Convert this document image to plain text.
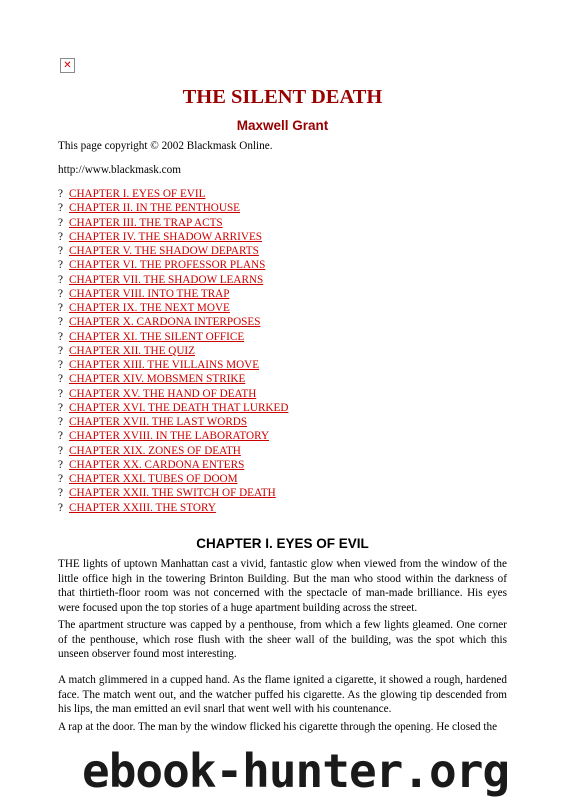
✕
THE SILENT DEATH
Maxwell Grant

This page copyright © 2002 Blackmask Online.

http://www.blackmask.com

? CHAPTER I. EYES OF EVIL
? CHAPTER II. IN THE PENTHOUSE
? CHAPTER III. THE TRAP ACTS
? CHAPTER IV. THE SHADOW ARRIVES
? CHAPTER V. THE SHADOW DEPARTS
? CHAPTER VI. THE PROFESSOR PLANS
? CHAPTER VII. THE SHADOW LEARNS
? CHAPTER VIII. INTO THE TRAP
? CHAPTER IX. THE NEXT MOVE
? CHAPTER X. CARDONA INTERPOSES
? CHAPTER XI. THE SILENT OFFICE
? CHAPTER XII. THE QUIZ
? CHAPTER XIII. THE VILLAINS MOVE
? CHAPTER XIV. MOBSMEN STRIKE
? CHAPTER XV. THE HAND OF DEATH
? CHAPTER XVI. THE DEATH THAT LURKED
? CHAPTER XVII. THE LAST WORDS
? CHAPTER XVIII. IN THE LABORATORY
? CHAPTER XIX. ZONES OF DEATH
? CHAPTER XX. CARDONA ENTERS
? CHAPTER XXI. TUBES OF DOOM
? CHAPTER XXII. THE SWITCH OF DEATH
? CHAPTER XXIII. THE STORY
CHAPTER I. EYES OF EVIL

THE lights of uptown Manhattan cast a vivid, fantastic glow when viewed from the window of the little office high in the towering Brinton Building. But the man who stood within the darkness of that thirtieth-floor room was not concerned with the spectacle of man-made brilliance. His eyes were focused upon the top stories of a huge apartment building across the street.

The apartment structure was capped by a penthouse, from which a few lights gleamed. One corner of the penthouse, which rose flush with the sheer wall of the building, was the spot which this unseen observer found most interesting.

A match glimmered in a cupped hand. As the flame ignited a cigarette, it showed a rough, hardened face. The match went out, and the watcher puffed his cigarette. As the glowing tip descended from his lips, the man emitted an evil snarl that went well with his countenance.

A rap at the door. The man by the window flicked his cigarette through the opening. He closed the

ebook-hunter.org
